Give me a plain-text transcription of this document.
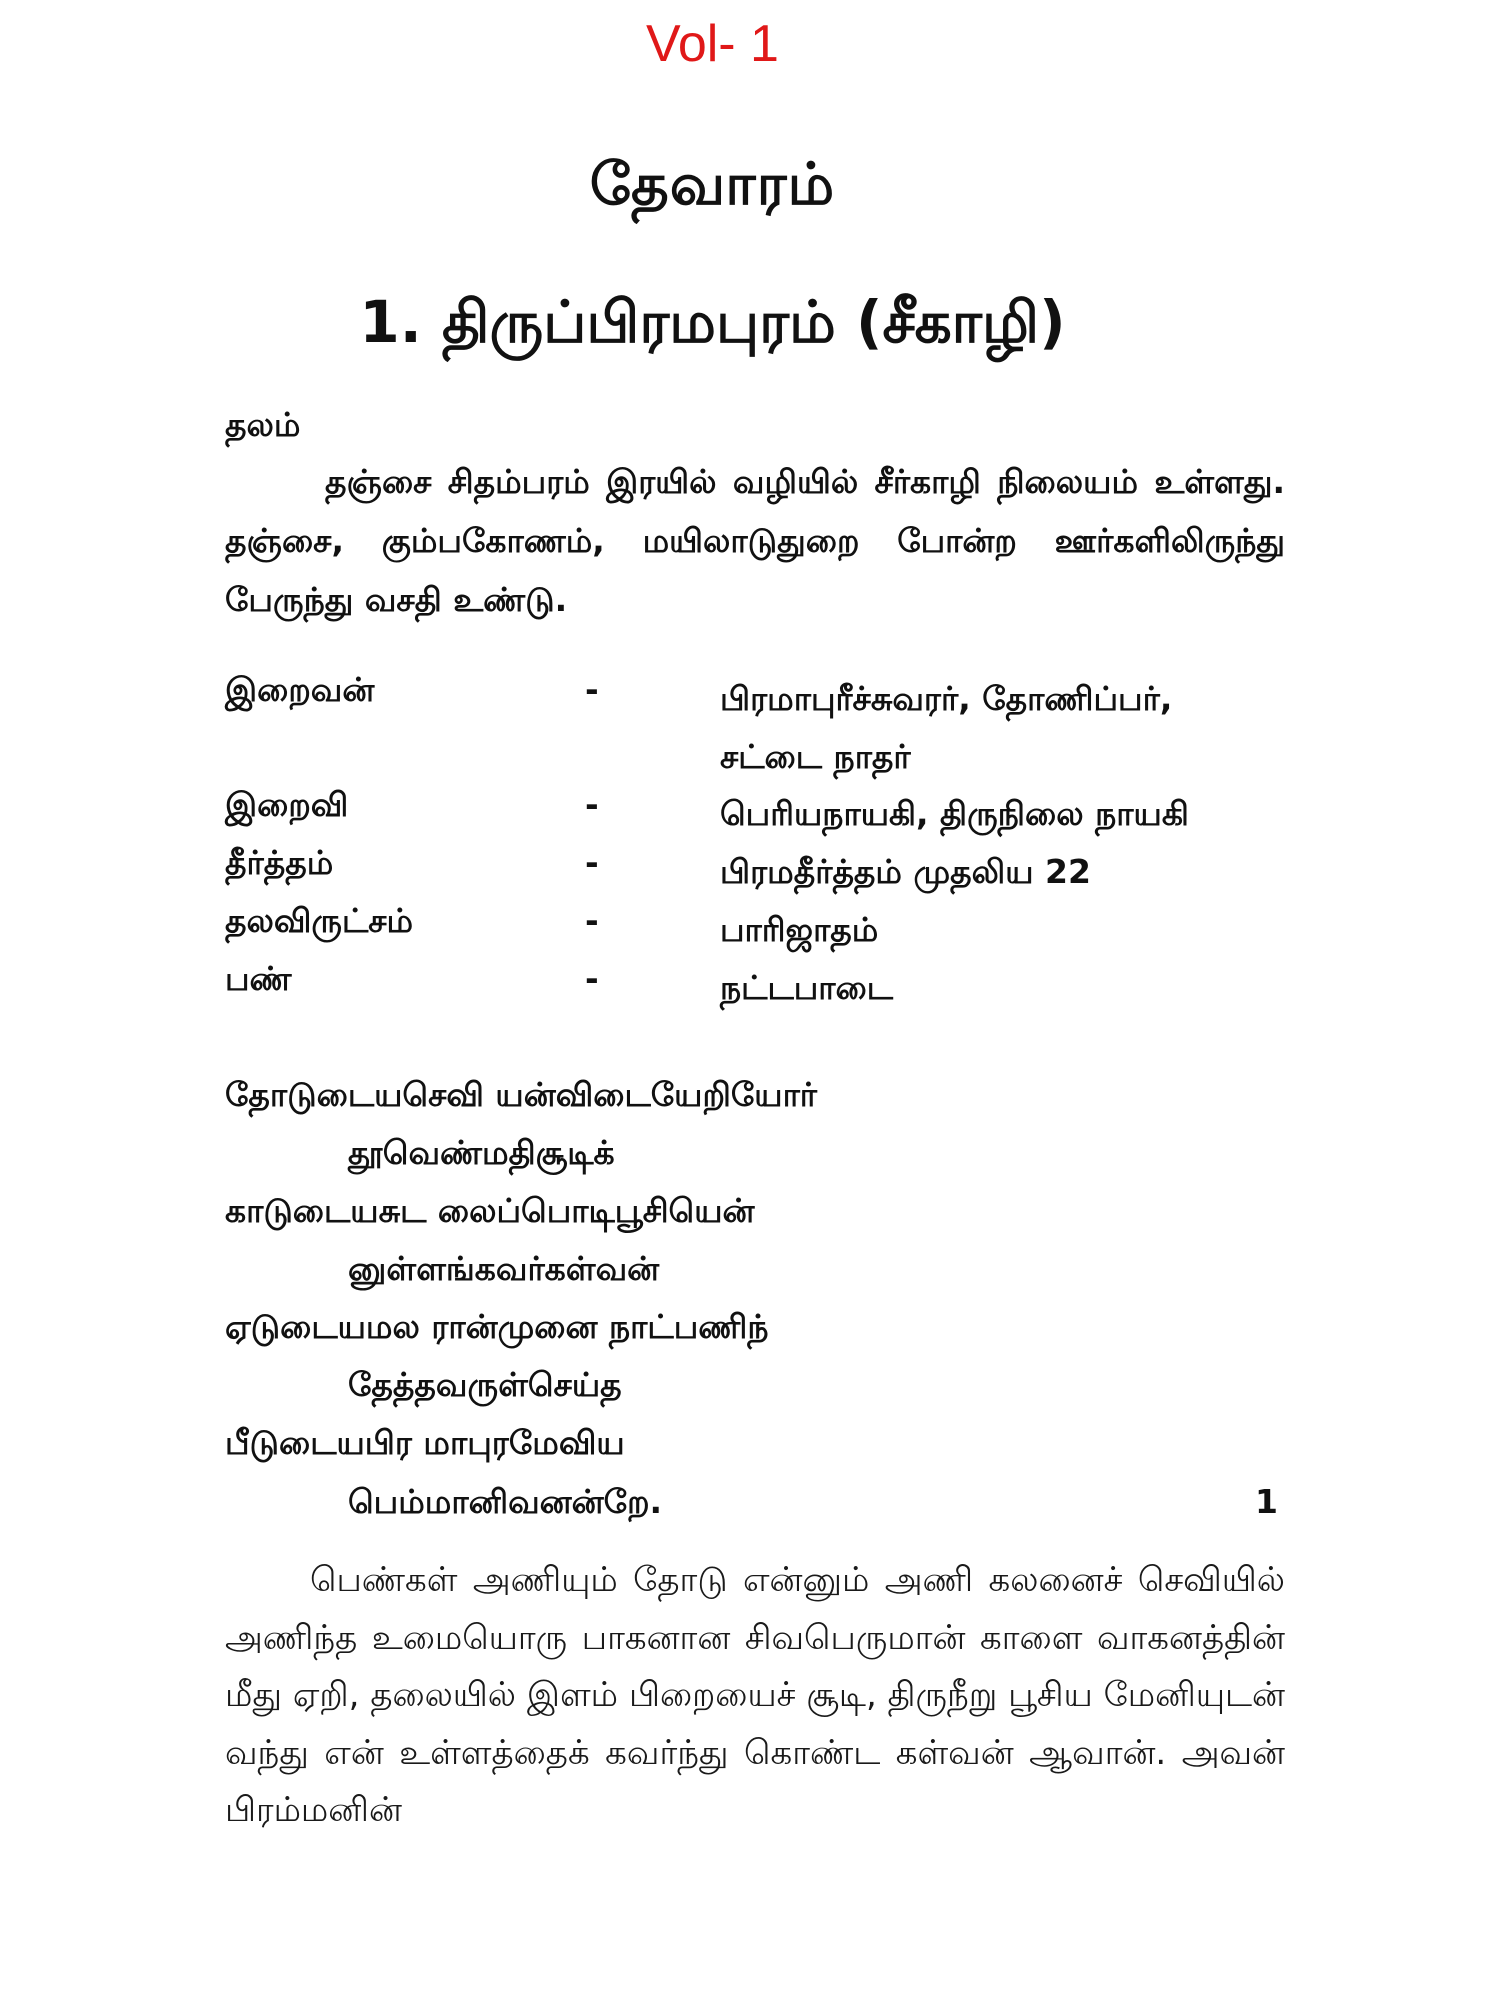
Vol- 1
தேவாரம்
1. திருப்பிரமபுரம் (சீகாழி)
தலம்

தஞ்சை சிதம்பரம் இரயில் வழியில் சீர்காழி நிலையம் உள்ளது. தஞ்சை, கும்பகோணம், மயிலாடுதுறை போன்ற ஊர்களிலிருந்து பேருந்து வசதி உண்டு.

இறைவன்	-	பிரமாபுரீச்சுவரர், தோணிப்பர், சட்டை நாதர்
இறைவி	-	பெரியநாயகி, திருநிலை நாயகி
தீர்த்தம்	-	பிரமதீர்த்தம் முதலிய 22
தலவிருட்சம்	-	பாரிஜாதம்
பண்	-	நட்டபாடை
தோடுடையசெவி யன்விடையேறியோர்
தூவெண்மதிசூடிக்
காடுடையசுட லைப்பொடிபூசியென்
னுள்ளங்கவர்கள்வன்
ஏடுடையமல ரான்முனை நாட்பணிந்
தேத்தவருள்செய்த
பீடுடையபிர மாபுரமேவிய
பெம்மானிவனன்றே.	1

பெண்கள் அணியும் தோடு என்னும் அணி கலனைச் செவியில் அணிந்த உமையொரு பாகனான சிவபெருமான் காளை வாகனத்தின் மீது ஏறி, தலையில் இளம் பிறையைச் சூடி, திருநீறு பூசிய மேனியுடன் வந்து என் உள்ளத்தைக் கவர்ந்து கொண்ட கள்வன் ஆவான். அவன் பிரம்மனின்
